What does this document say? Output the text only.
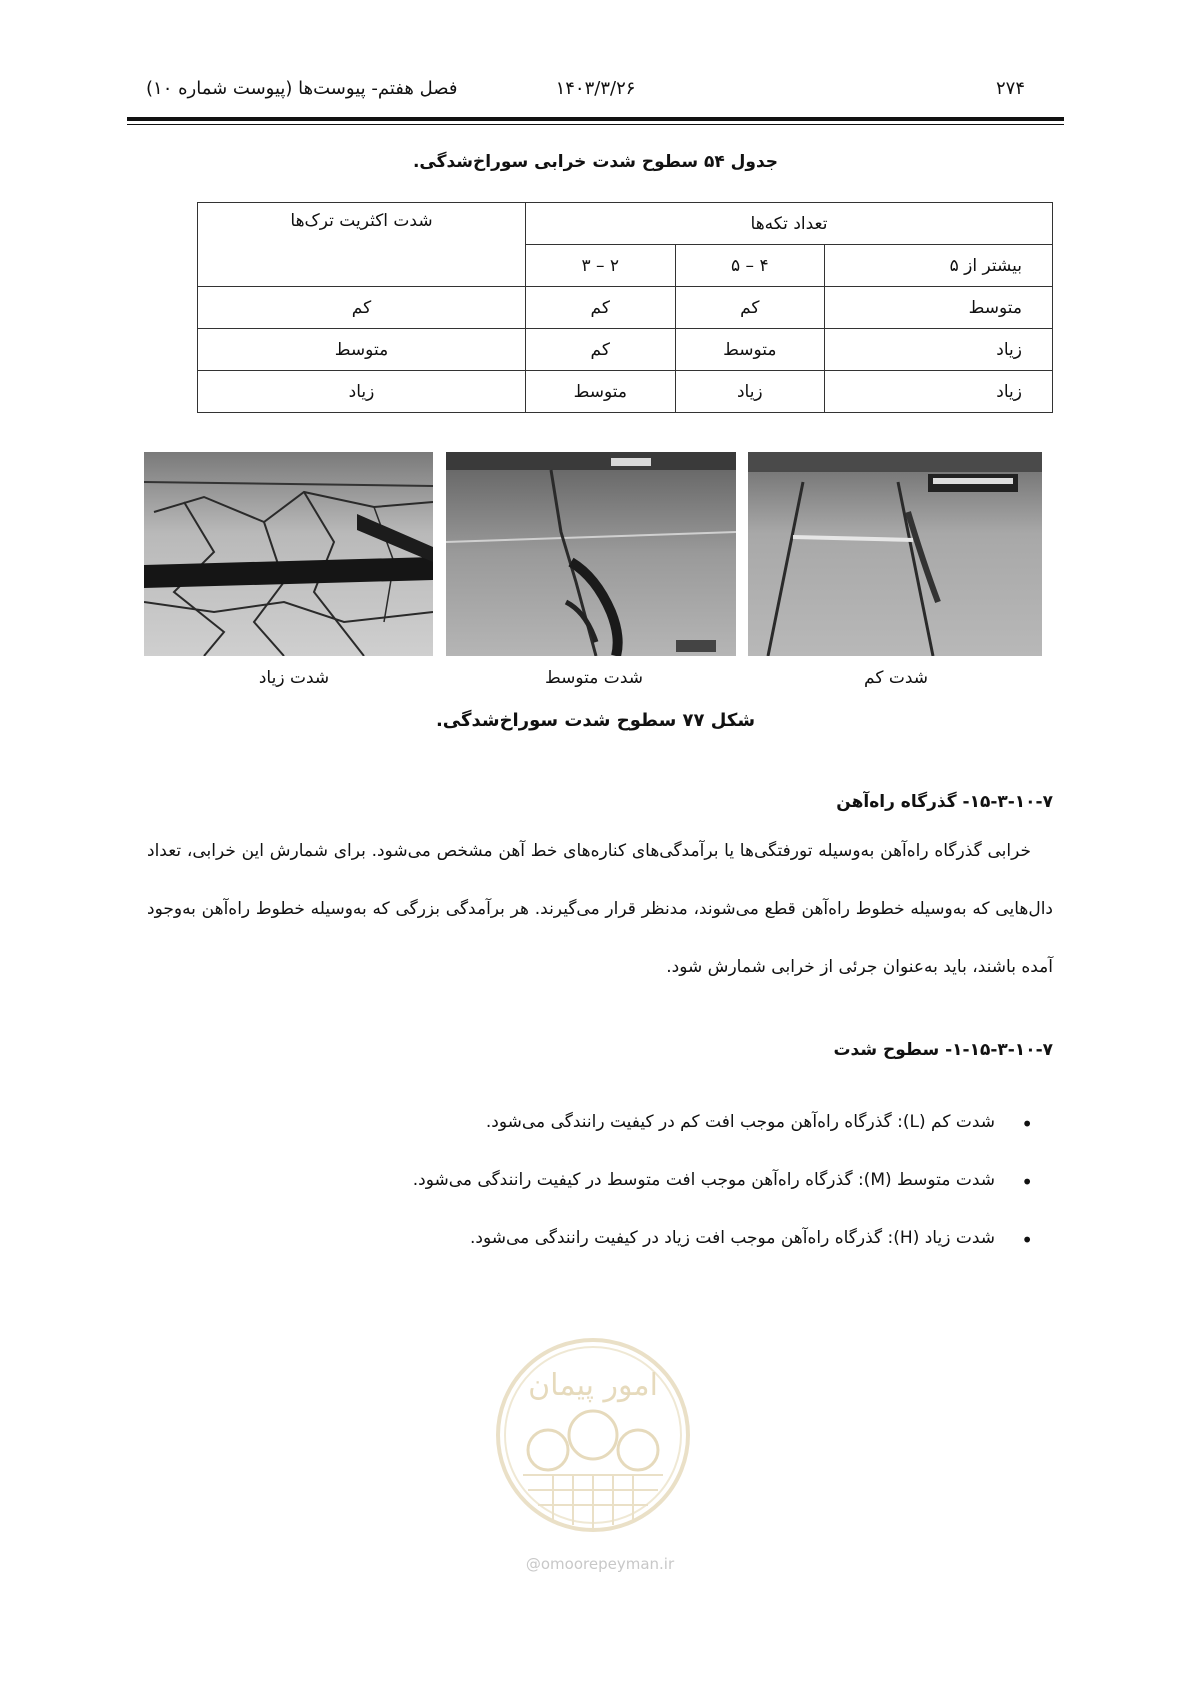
فصل هفتم- پیوست‌ها (پیوست شماره ۱۰)	۱۴۰۳/۳/۲۶	۲۷۴
جدول ۵۴ سطوح شدت خرابی سوراخ‌شدگی.
تعداد تکه‌ها			شدت اکثریت ترک‌ها
بیشتر از ۵	۴ – ۵	۲ – ۳	
متوسط	کم	کم	کم
زیاد	متوسط	کم	متوسط
زیاد	زیاد	متوسط	زیاد
شدت زیاد	شدت متوسط	شدت کم
شکل ۷۷ سطوح شدت سوراخ‌شدگی.
۱۵-۳-۱۰-۷- گذرگاه راه‌آهن
خرابی گذرگاه راه‌آهن به‌وسیله تورفتگی‌ها یا برآمدگی‌های کناره‌های خط آهن مشخص می‌شود. برای شمارش این خرابی، تعداد دال‌هایی که به‌وسیله خطوط راه‌آهن قطع می‌شوند، مدنظر قرار می‌گیرند. هر برآمدگی بزرگی که به‌وسیله خطوط راه‌آهن به‌وجود آمده باشند، باید به‌عنوان جرئی از خرابی شمارش شود.
۱-۱۵-۳-۱۰-۷- سطوح شدت
• شدت کم (L): گذرگاه راه‌آهن موجب افت کم در کیفیت رانندگی می‌شود.
• شدت متوسط (M): گذرگاه راه‌آهن موجب افت متوسط در کیفیت رانندگی می‌شود.
• شدت زیاد (H): گذرگاه راه‌آهن موجب افت زیاد در کیفیت رانندگی می‌شود.
امور پیمان
@omoorepeyman.ir
